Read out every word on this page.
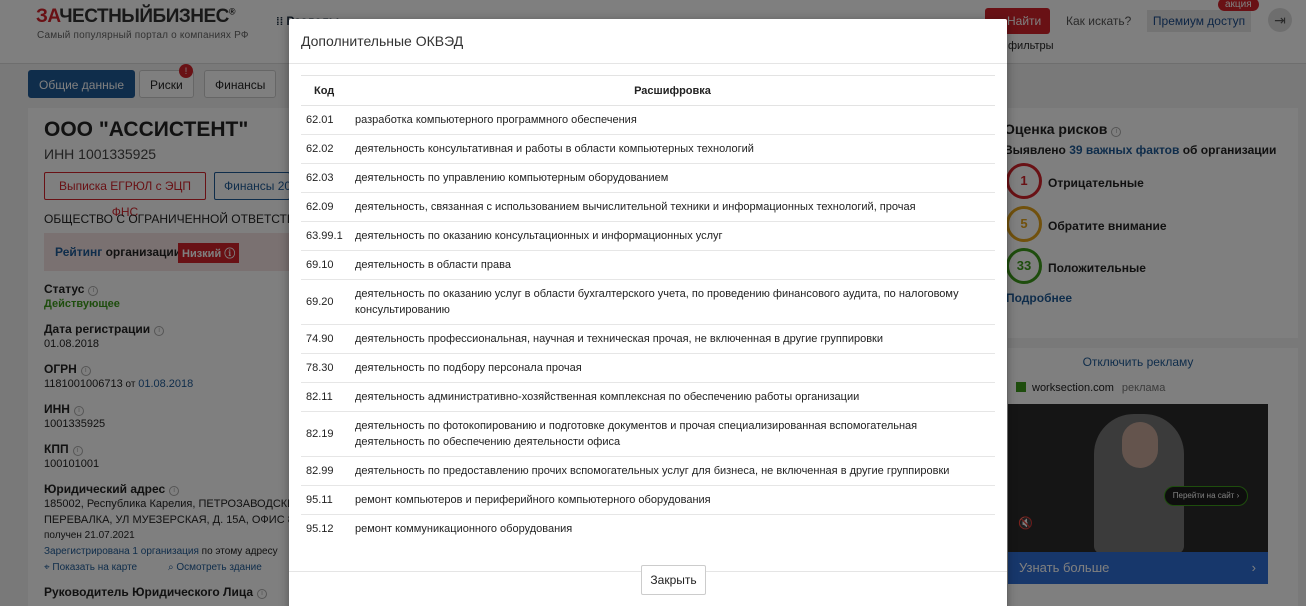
Дополнительные ОКВЭД
Код	Расшифровка
62.01	разработка компьютерного программного обеспечения
62.02	деятельность консультативная и работы в области компьютерных технологий
62.03	деятельность по управлению компьютерным оборудованием
62.09	деятельность, связанная с использованием вычислительной техники и информационных технологий, прочая
63.99.1	деятельность по оказанию консультационных и информационных услуг
69.10	деятельность в области права
69.20	деятельность по оказанию услуг в области бухгалтерского учета, по проведению финансового аудита, по налоговому консультированию
74.90	деятельность профессиональная, научная и техническая прочая, не включенная в другие группировки
78.30	деятельность по подбору персонала прочая
82.11	деятельность административно-хозяйственная комплексная по обеспечению работы организации
82.19	деятельность по фотокопированию и подготовке документов и прочая специализированная вспомогательная деятельность по обеспечению деятельности офиса
82.99	деятельность по предоставлению прочих вспомогательных услуг для бизнеса, не включенная в другие группировки
95.11	ремонт компьютеров и периферийного компьютерного оборудования
95.12	ремонт коммуникационного оборудования
Закрыть
